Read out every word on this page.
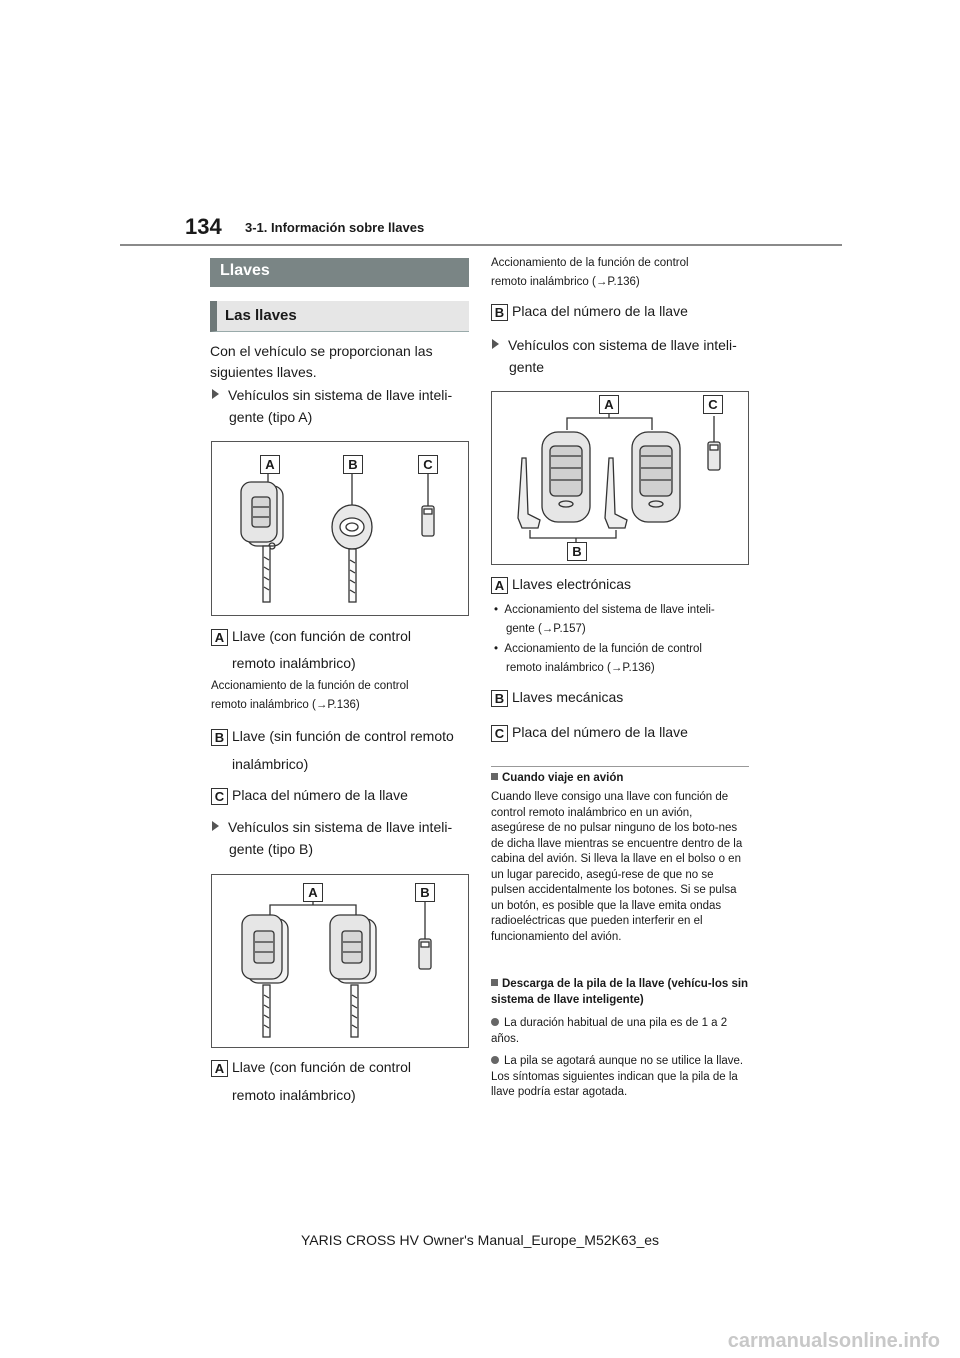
134 3-1. Información sobre llaves
Llaves
Las llaves
Con el vehículo se proporcionan las siguientes llaves.
Vehículos sin sistema de llave inteli-
gente (tipo A)
A	B	C
A Llave (con función de control
remoto inalámbrico)
Accionamiento de la función de control
remoto inalámbrico (→P.136)
B Llave (sin función de control remoto
inalámbrico)
C Placa del número de la llave
Vehículos sin sistema de llave inteli-
gente (tipo B)
A	B
A Llave (con función de control
remoto inalámbrico)
Accionamiento de la función de control
remoto inalámbrico (→P.136)
B Placa del número de la llave
Vehículos con sistema de llave inteli-
gente
A	C
B
A Llaves electrónicas
•  Accionamiento del sistema de llave inteli-
gente (→P.157)
•  Accionamiento de la función de control
remoto inalámbrico (→P.136)
B Llaves mecánicas
C Placa del número de la llave
Cuando viaje en avión
Cuando lleve consigo una llave con función de control remoto inalámbrico en un avión, asegúrese de no pulsar ninguno de los boto-nes de dicha llave mientras se encuentre dentro de la cabina del avión. Si lleva la llave en el bolso o en un lugar parecido, asegú-rese de que no se pulsen accidentalmente los botones. Si se pulsa un botón, es posible que la llave emita ondas radioeléctricas que pueden interferir en el funcionamiento del avión.
Descarga de la pila de la llave (vehícu-los sin sistema de llave inteligente)
La duración habitual de una pila es de 1 a 2 años.
La pila se agotará aunque no se utilice la llave. Los síntomas siguientes indican que la pila de la llave podría estar agotada.
YARIS CROSS HV Owner's Manual_Europe_M52K63_es
carmanualsonline.info
